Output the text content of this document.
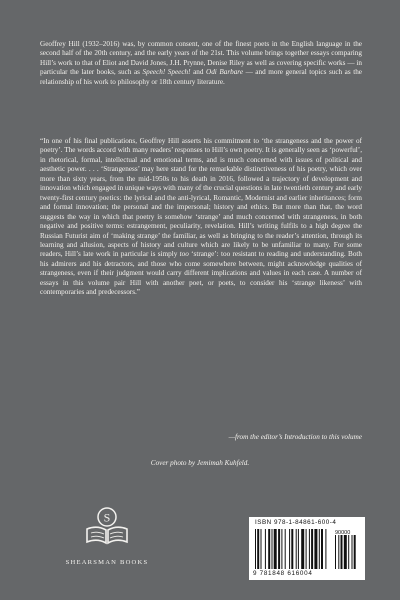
Geoffrey Hill (1932–2016) was, by common consent, one of the finest poets in the English language in the second half of the 20th century, and the early years of the 21st. This volume brings together essays comparing Hill’s work to that of Eliot and David Jones, J.H. Prynne, Denise Riley as well as covering specific works — in particular the later books, such as Speech! Speech! and Odi Barbare — and more general topics such as the relationship of his work to philosophy or 18th century literature.

“In one of his final publications, Geoffrey Hill asserts his commitment to ‘the strangeness and the power of poetry’. The words accord with many readers’ responses to Hill’s own poetry. It is generally seen as ‘powerful’, in rhetorical, formal, intellectual and emotional terms, and is much concerned with issues of political and aesthetic power. . . . ‘Strangeness’ may here stand for the remarkable distinctiveness of his poetry, which over more than sixty years, from the mid-1950s to his death in 2016, followed a trajectory of development and innovation which engaged in unique ways with many of the crucial questions in late twentieth century and early twenty-first century poetics: the lyrical and the anti-lyrical, Romantic, Modernist and earlier inheritances; form and formal innovation; the personal and the impersonal; history and ethics. But more than that, the word suggests the way in which that poetry is somehow ‘strange’ and much concerned with strangeness, in both negative and positive terms: estrangement, peculiarity, revelation. Hill’s writing fulfils to a high degree the Russian Futurist aim of ‘making strange’ the familiar, as well as bringing to the reader’s attention, through its learning and allusion, aspects of history and culture which are likely to be unfamiliar to many. For some readers, Hill’s late work in particular is simply too ‘strange’: too resistant to reading and understanding. Both his admirers and his detractors, and those who come somewhere between, might acknowledge qualities of strangeness, even if their judgment would carry different implications and values in each case. A number of essays in this volume pair Hill with another poet, or poets, to consider his ‘strange likeness’ with contemporaries and predecessors.”

—from the editor’s Introduction to this volume

Cover photo by Jemimah Kuhfeld.

S
SHEARSMAN BOOKS
ISBN 978-1-84861-600-4
90000
9 781848 616004
